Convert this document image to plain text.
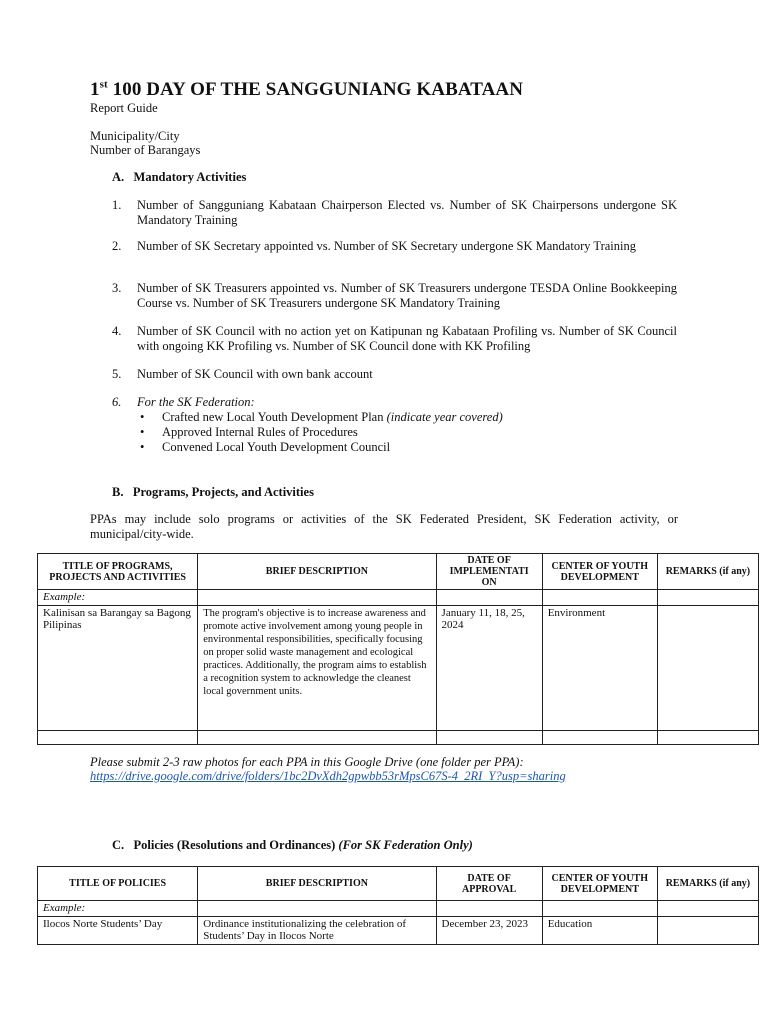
1st 100 DAY OF THE SANGGUNIANG KABATAAN
Report Guide
Municipality/City
Number of Barangays
A.   Mandatory Activities
1.	Number of Sangguniang Kabataan Chairperson Elected vs. Number of SK Chairpersons undergone SK Mandatory Training
2.	Number of SK Secretary appointed vs. Number of SK Secretary undergone SK Mandatory Training
3.	Number of SK Treasurers appointed vs. Number of SK Treasurers undergone TESDA Online Bookkeeping Course vs. Number of SK Treasurers undergone SK Mandatory Training
4.	Number of SK Council with no action yet on Katipunan ng Kabataan Profiling vs. Number of SK Council with ongoing KK Profiling vs. Number of SK Council done with KK Profiling
5.	Number of SK Council with own bank account
6.	For the SK Federation:
• Crafted new Local Youth Development Plan (indicate year covered)
• Approved Internal Rules of Procedures
• Convened Local Youth Development Council
B.   Programs, Projects, and Activities
PPAs may include solo programs or activities of the SK Federated President, SK Federation activity, or municipal/city-wide.
TITLE OF PROGRAMS, PROJECTS AND ACTIVITIES	BRIEF DESCRIPTION	DATE OF IMPLEMENTATI ON	CENTER OF YOUTH DEVELOPMENT	REMARKS (if any)
Example:				
Kalinisan sa Barangay sa Bagong Pilipinas	The program's objective is to increase awareness and promote active involvement among young people in environmental responsibilities, specifically focusing on proper solid waste management and ecological practices. Additionally, the program aims to establish a recognition system to acknowledge the cleanest local government units.	January 11, 18, 25, 2024	Environment	

Please submit 2-3 raw photos for each PPA in this Google Drive (one folder per PPA):
https://drive.google.com/drive/folders/1bc2DvXdh2gpwbb53rMpsC67S-4_2RI_Y?usp=sharing
C.   Policies (Resolutions and Ordinances) (For SK Federation Only)
TITLE OF POLICIES	BRIEF DESCRIPTION	DATE OF APPROVAL	CENTER OF YOUTH DEVELOPMENT	REMARKS (if any)
Example:				
Ilocos Norte Students’ Day	Ordinance institutionalizing the celebration of Students’ Day in Ilocos Norte	December 23, 2023	Education	
